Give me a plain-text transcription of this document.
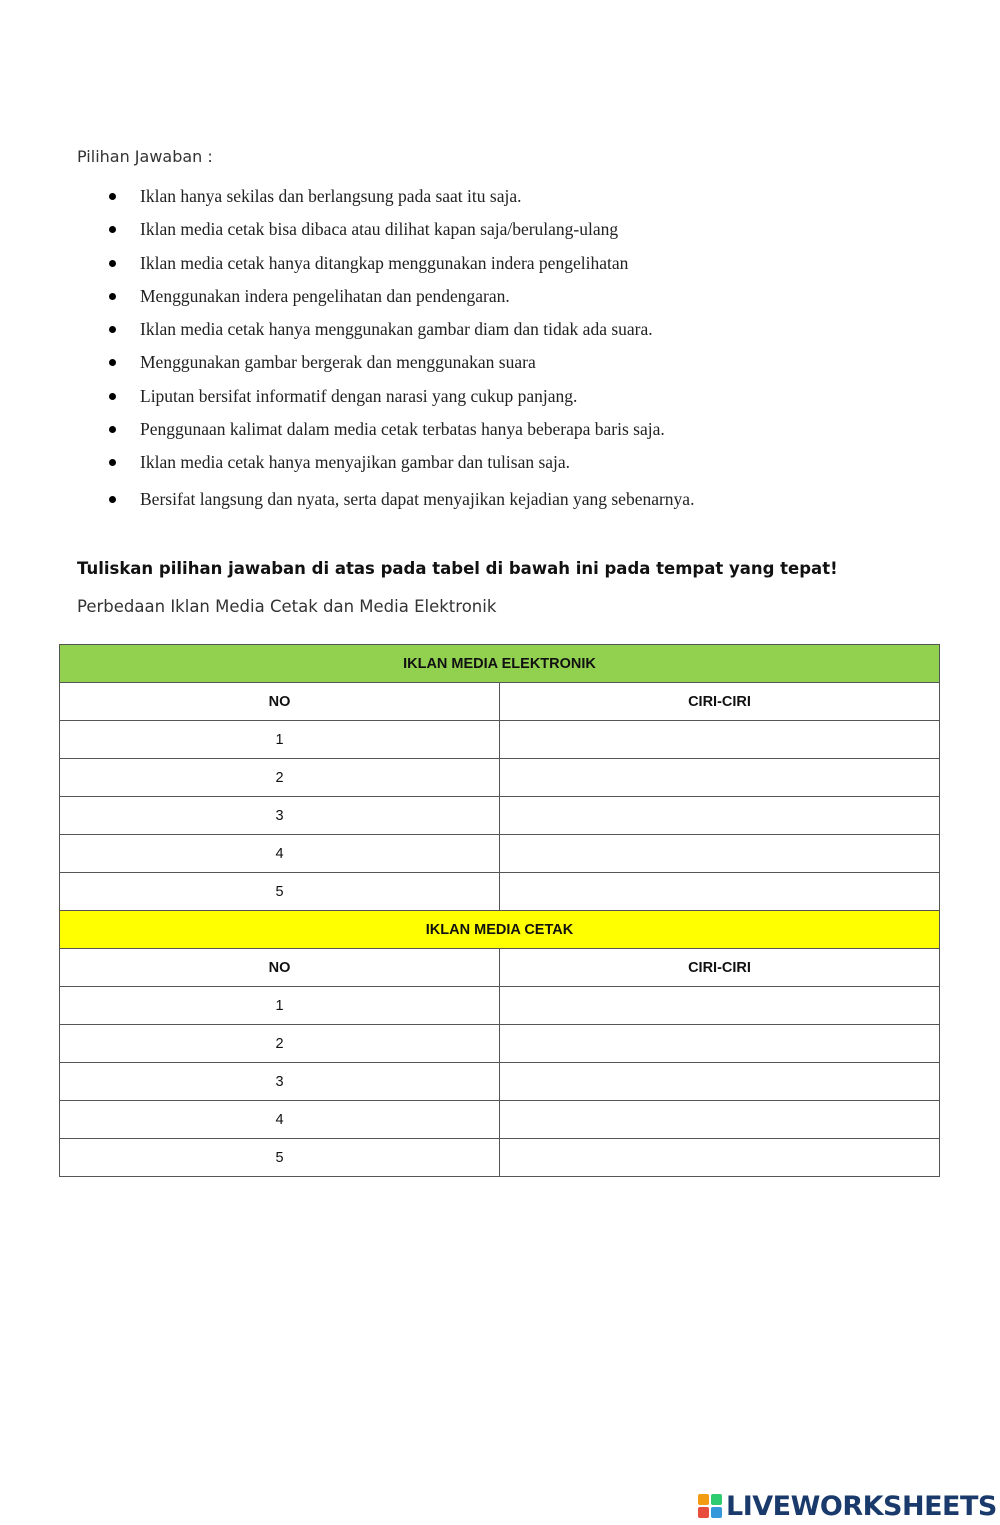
Pilihan Jawaban :

Iklan hanya sekilas dan berlangsung pada saat itu saja.
Iklan media cetak bisa dibaca atau dilihat kapan saja/berulang-ulang
Iklan media cetak hanya ditangkap menggunakan indera pengelihatan
Menggunakan indera pengelihatan dan pendengaran.
Iklan media cetak hanya menggunakan gambar diam dan tidak ada suara.
Menggunakan gambar bergerak dan menggunakan suara
Liputan bersifat informatif dengan narasi yang cukup panjang.
Penggunaan kalimat dalam media cetak terbatas hanya beberapa baris saja.
Iklan media cetak hanya menyajikan gambar dan tulisan saja.
Bersifat langsung dan nyata, serta dapat menyajikan kejadian yang sebenarnya.

Tuliskan pilihan jawaban di atas pada tabel di bawah ini pada tempat yang tepat!

Perbedaan Iklan Media Cetak dan Media Elektronik

IKLAN MEDIA ELEKTRONIK	
NO	CIRI-CIRI
1	
2	
3	
4	
5	
IKLAN MEDIA CETAK	
NO	CIRI-CIRI
1	
2	
3	
4	
5	
LIVEWORKSHEETS
